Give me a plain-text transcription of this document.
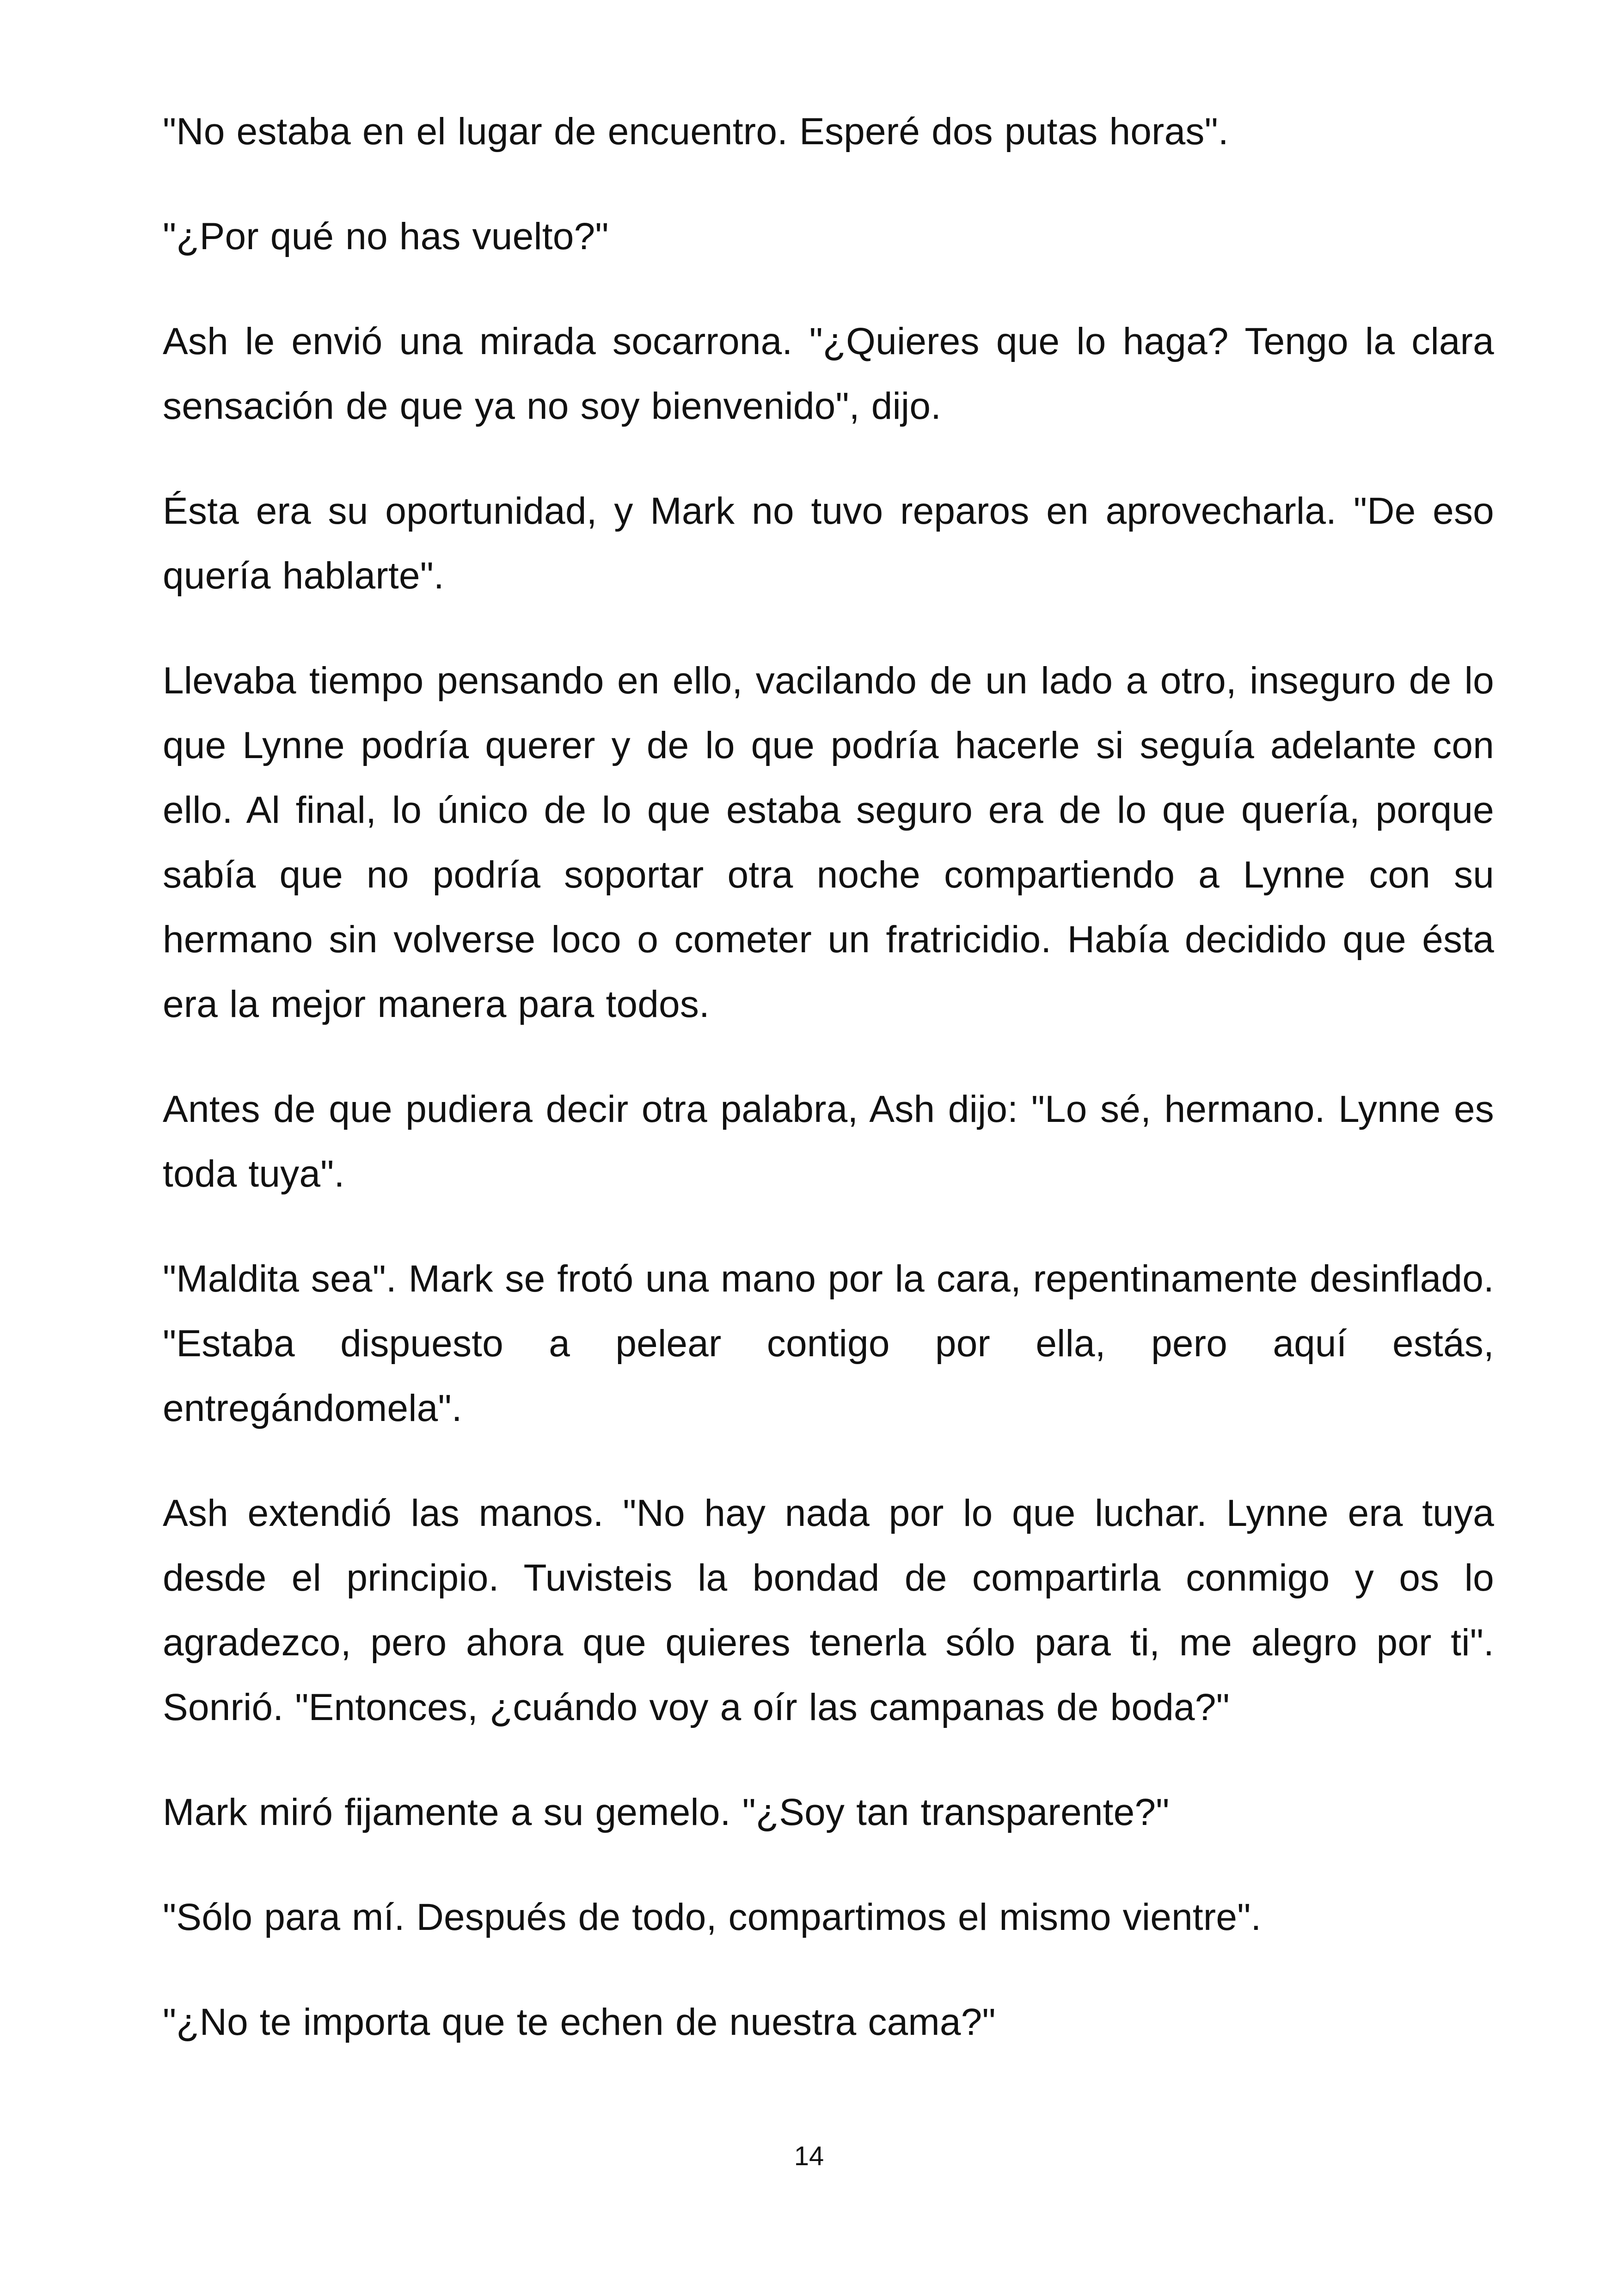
"No estaba en el lugar de encuentro. Esperé dos putas horas".

"¿Por qué no has vuelto?"

Ash le envió una mirada socarrona. "¿Quieres que lo haga? Tengo la clara sensación de que ya no soy bienvenido", dijo.

Ésta era su oportunidad, y Mark no tuvo reparos en aprovecharla. "De eso quería hablarte".

Llevaba tiempo pensando en ello, vacilando de un lado a otro, inseguro de lo que Lynne podría querer y de lo que podría hacerle si seguía adelante con ello. Al final, lo único de lo que estaba seguro era de lo que quería, porque sabía que no podría soportar otra noche compartiendo a Lynne con su hermano sin volverse loco o cometer un fratricidio. Había decidido que ésta era la mejor manera para todos.

Antes de que pudiera decir otra palabra, Ash dijo: "Lo sé, hermano. Lynne es toda tuya".

"Maldita sea". Mark se frotó una mano por la cara, repentinamente desinflado. "Estaba dispuesto a pelear contigo por ella, pero aquí estás, entregándomela".

Ash extendió las manos. "No hay nada por lo que luchar. Lynne era tuya desde el principio. Tuvisteis la bondad de compartirla conmigo y os lo agradezco, pero ahora que quieres tenerla sólo para ti, me alegro por ti". Sonrió. "Entonces, ¿cuándo voy a oír las campanas de boda?"

Mark miró fijamente a su gemelo. "¿Soy tan transparente?"

"Sólo para mí. Después de todo, compartimos el mismo vientre".

"¿No te importa que te echen de nuestra cama?"

14
